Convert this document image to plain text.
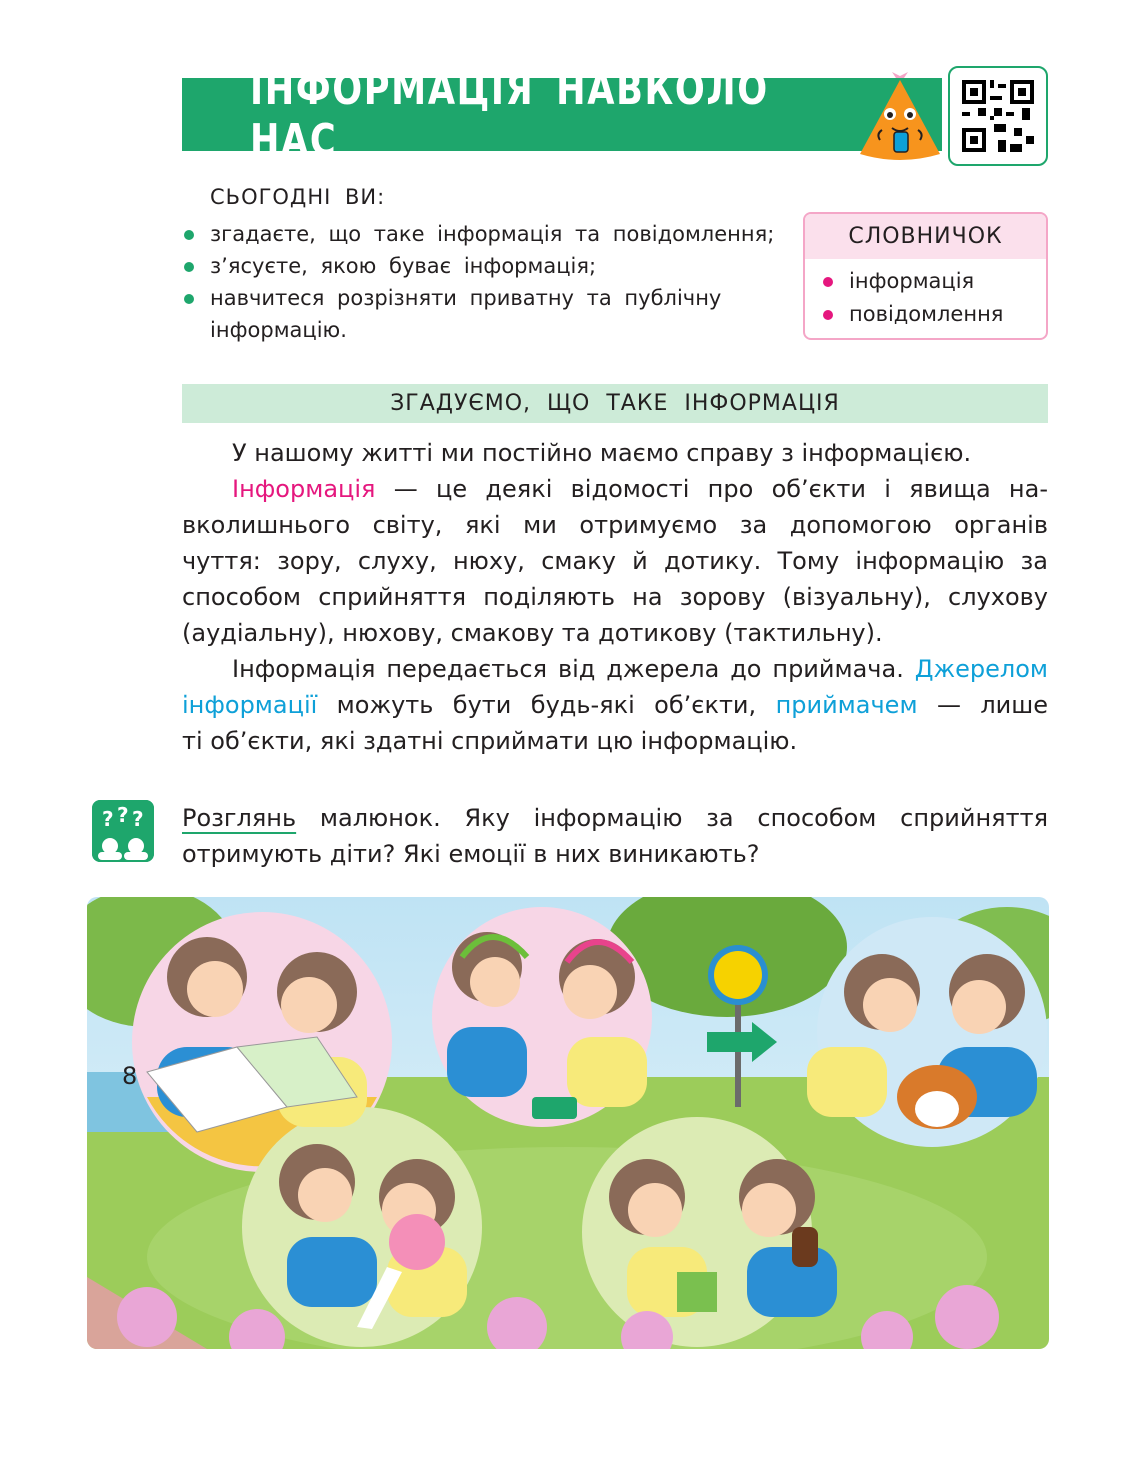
ІНФОРМАЦІЯ НАВКОЛО НАС
СЬОГОДНІ ВИ:
згадаєте, що таке інформація та повідомлення;
з’ясуєте, якою буває інформація;
навчитеся розрізняти приватну та публічну
інформацію.
СЛОВНИЧОК
інформація
повідомлення
ЗГАДУЄМО, ЩО ТАКЕ ІНФОРМАЦІЯ

У нашому житті ми постійно маємо справу з інформацією.

Інформація — це деякі відомості про об’єкти і явища на-

вколишнього світу, які ми отримуємо за допомогою органів

чуття: зору, слуху, нюху, смаку й дотику. Тому інформацію за

способом сприйняття поділяють на зорову (візуальну), слухову

(аудіальну), нюхову, смакову та дотикову (тактильну).

Інформація передається від джерела до приймача. Джерелом

інформації можуть бути будь-які об’єкти, приймачем — лише

ті об’єкти, які здатні сприймати цю інформацію.

? ? ? Розглянь малюнок. Яку інформацію за способом сприйняття

отримують діти? Які емоції в них виникають?

8
